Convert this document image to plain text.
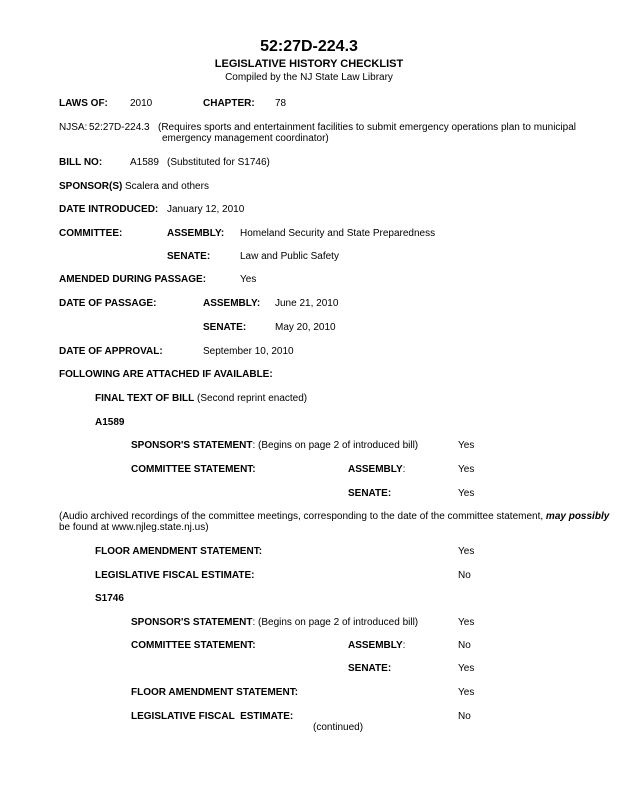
52:27D-224.3
LEGISLATIVE HISTORY CHECKLIST
Compiled by the NJ State Law Library
LAWS OF: 2010	CHAPTER: 78
NJSA: 52:27D-224.3 (Requires sports and entertainment facilities to submit emergency operations plan to municipal
emergency management coordinator)
BILL NO:	A1589 (Substituted for S1746)
SPONSOR(S) Scalera and others
DATE INTRODUCED: January 12, 2010
COMMITTEE:	ASSEMBLY: Homeland Security and State Preparedness
SENATE:	Law and Public Safety
AMENDED DURING PASSAGE:	Yes
DATE OF PASSAGE:	ASSEMBLY: June 21, 2010
SENATE:	May 20, 2010
DATE OF APPROVAL:	September 10, 2010
FOLLOWING ARE ATTACHED IF AVAILABLE:
FINAL TEXT OF BILL (Second reprint enacted)
A1589
SPONSOR'S STATEMENT: (Begins on page 2 of introduced bill)	Yes
COMMITTEE STATEMENT:	ASSEMBLY:	Yes
SENATE:	Yes
(Audio archived recordings of the committee meetings, corresponding to the date of the committee statement, may possibly
be found at www.njleg.state.nj.us)
FLOOR AMENDMENT STATEMENT:	Yes
LEGISLATIVE FISCAL ESTIMATE:	No
S1746
SPONSOR'S STATEMENT: (Begins on page 2 of introduced bill)	Yes
COMMITTEE STATEMENT:	ASSEMBLY:	No
SENATE:	Yes
FLOOR AMENDMENT STATEMENT:	Yes
LEGISLATIVE FISCAL  ESTIMATE:	No
(continued)
